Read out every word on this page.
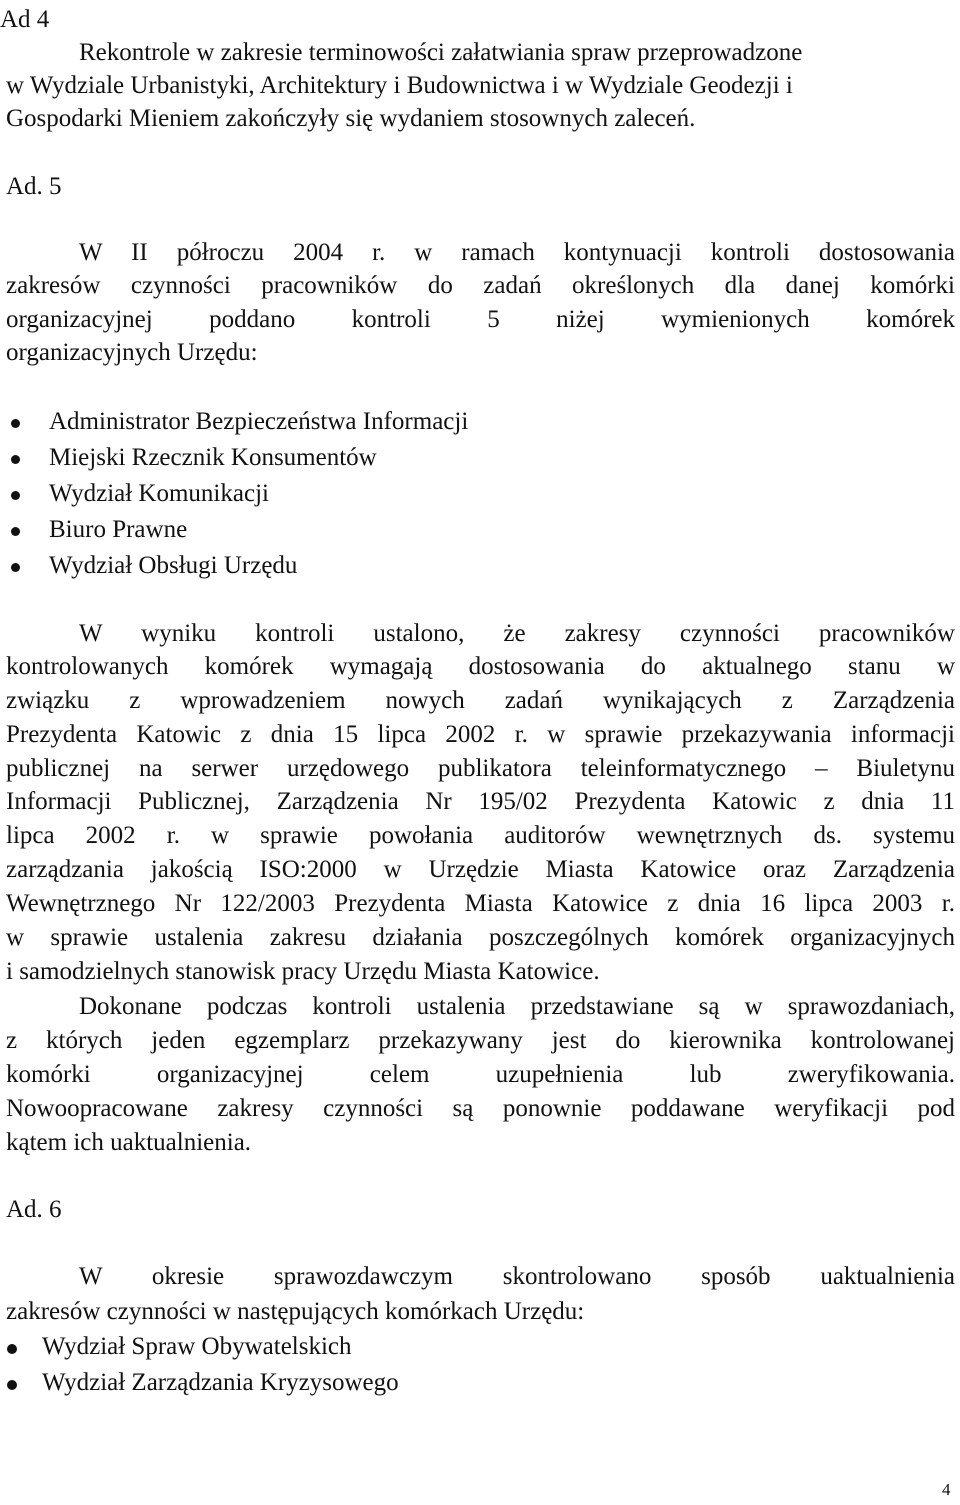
Ad 4
Rekontrole w zakresie terminowości załatwiania spraw przeprowadzone
w Wydziale Urbanistyki, Architektury i Budownictwa i w Wydziale Geodezji i
Gospodarki Mieniem zakończyły się wydaniem stosownych zaleceń.
Ad. 5
W II półroczu 2004 r. w ramach kontynuacji kontroli dostosowania
zakresów czynności pracowników do zadań określonych dla danej komórki
organizacyjnej poddano kontroli 5 niżej wymienionych komórek
organizacyjnych Urzędu:
Administrator Bezpieczeństwa Informacji
Miejski Rzecznik Konsumentów
Wydział Komunikacji
Biuro Prawne
Wydział Obsługi Urzędu
W wyniku kontroli ustalono, że zakresy czynności pracowników
kontrolowanych komórek wymagają dostosowania do aktualnego stanu w
związku z wprowadzeniem nowych zadań wynikających z Zarządzenia
Prezydenta Katowic z dnia 15 lipca 2002 r. w sprawie przekazywania informacji
publicznej na serwer urzędowego publikatora teleinformatycznego – Biuletynu
Informacji Publicznej, Zarządzenia Nr 195/02 Prezydenta Katowic z dnia 11
lipca 2002 r. w sprawie powołania auditorów wewnętrznych ds. systemu
zarządzania jakością ISO:2000 w Urzędzie Miasta Katowice oraz Zarządzenia
Wewnętrznego Nr 122/2003 Prezydenta Miasta Katowice z dnia 16 lipca 2003 r.
w sprawie ustalenia zakresu działania poszczególnych komórek organizacyjnych
i samodzielnych stanowisk pracy Urzędu Miasta Katowice.
Dokonane podczas kontroli ustalenia przedstawiane są w sprawozdaniach,
z których jeden egzemplarz przekazywany jest do kierownika kontrolowanej
komórki organizacyjnej celem uzupełnienia lub zweryfikowania.
Nowoopracowane zakresy czynności są ponownie poddawane weryfikacji pod
kątem ich uaktualnienia.
Ad. 6
W okresie sprawozdawczym skontrolowano sposób uaktualnienia
zakresów czynności w następujących komórkach Urzędu:
Wydział Spraw Obywatelskich
Wydział Zarządzania Kryzysowego
4
